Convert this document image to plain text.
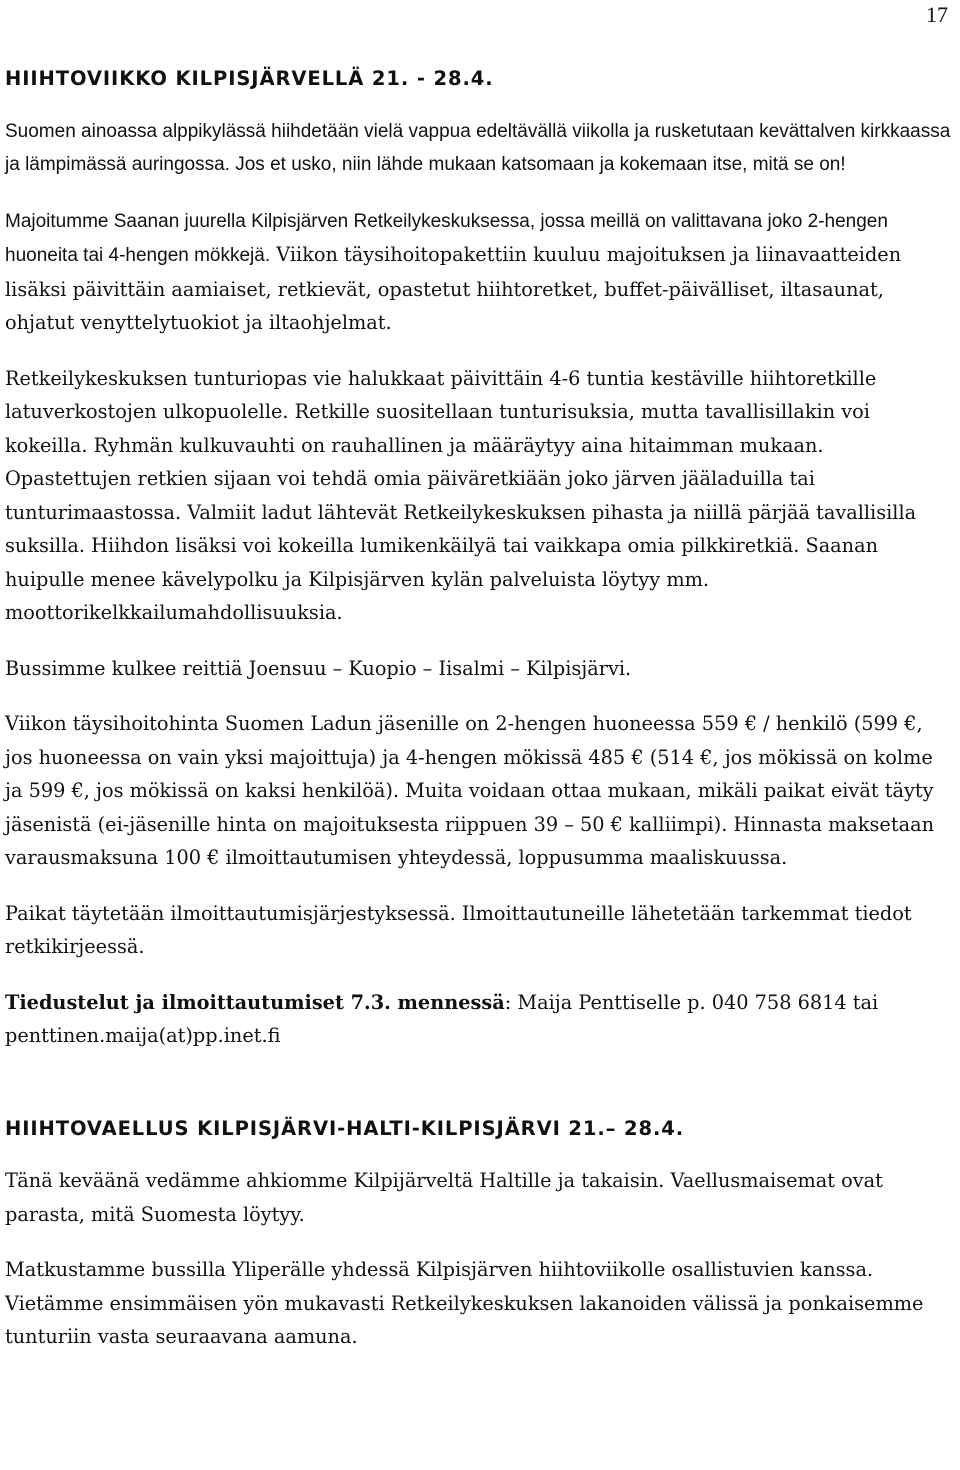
17
HIIHTOVIIKKO KILPISJÄRVELLÄ 21. - 28.4.

Suomen ainoassa alppikylässä hiihdetään vielä vappua edeltävällä viikolla ja rusketutaan kevättalven kirkkaassa ja lämpimässä auringossa. Jos et usko, niin lähde mukaan katsomaan ja kokemaan itse, mitä se on!

Majoitumme Saanan juurella Kilpisjärven Retkeilykeskuksessa, jossa meillä on valittavana joko 2-hengen huoneita tai 4-hengen mökkejä. Viikon täysihoitopakettiin kuuluu majoituksen ja liinavaatteiden lisäksi päivittäin aamiaiset, retkievät, opastetut hiihtoretket, buffet-päivälliset, iltasaunat, ohjatut venyttelytuokiot ja iltaohjelmat.

Retkeilykeskuksen tunturiopas vie halukkaat päivittäin 4-6 tuntia kestäville hiihtoretkille latuverkostojen ulkopuolelle. Retkille suositellaan tunturisuksia, mutta tavallisillakin voi kokeilla. Ryhmän kulkuvauhti on rauhallinen ja määräytyy aina hitaimman mukaan. Opastettujen retkien sijaan voi tehdä omia päiväretkiään joko järven jääladuilla tai tunturimaastossa. Valmiit ladut lähtevät Retkeilykeskuksen pihasta ja niillä pärjää tavallisilla suksilla. Hiihdon lisäksi voi kokeilla lumikenkäilyä tai vaikkapa omia pilkkiretkiä. Saanan huipulle menee kävelypolku ja Kilpisjärven kylän palveluista löytyy mm. moottorikelkkailumahdollisuuksia.

Bussimme kulkee reittiä Joensuu – Kuopio – Iisalmi – Kilpisjärvi.

Viikon täysihoitohinta Suomen Ladun jäsenille on 2-hengen huoneessa 559 € / henkilö (599 €, jos huoneessa on vain yksi majoittuja) ja 4-hengen mökissä 485 € (514 €, jos mökissä on kolme ja 599 €, jos mökissä on kaksi henkilöä). Muita voidaan ottaa mukaan, mikäli paikat eivät täyty jäsenistä (ei-jäsenille hinta on majoituksesta riippuen 39 – 50 € kalliimpi). Hinnasta maksetaan varausmaksuna 100 € ilmoittautumisen yhteydessä, loppusumma maaliskuussa.

Paikat täytetään ilmoittautumisjärjestyksessä. Ilmoittautuneille lähetetään tarkemmat tiedot retkikirjeessä.

Tiedustelut ja ilmoittautumiset 7.3. mennessä: Maija Penttiselle p. 040 758 6814 tai penttinen.maija(at)pp.inet.fi

HIIHTOVAELLUS KILPISJÄRVI-HALTI-KILPISJÄRVI 21.– 28.4.

Tänä keväänä vedämme ahkiomme Kilpijärveltä Haltille ja takaisin. Vaellusmaisemat ovat parasta, mitä Suomesta löytyy.

Matkustamme bussilla Yliperälle yhdessä Kilpisjärven hiihtoviikolle osallistuvien kanssa. Vietämme ensimmäisen yön mukavasti Retkeilykeskuksen lakanoiden välissä ja ponkaisemme tunturiin vasta seuraavana aamuna.
